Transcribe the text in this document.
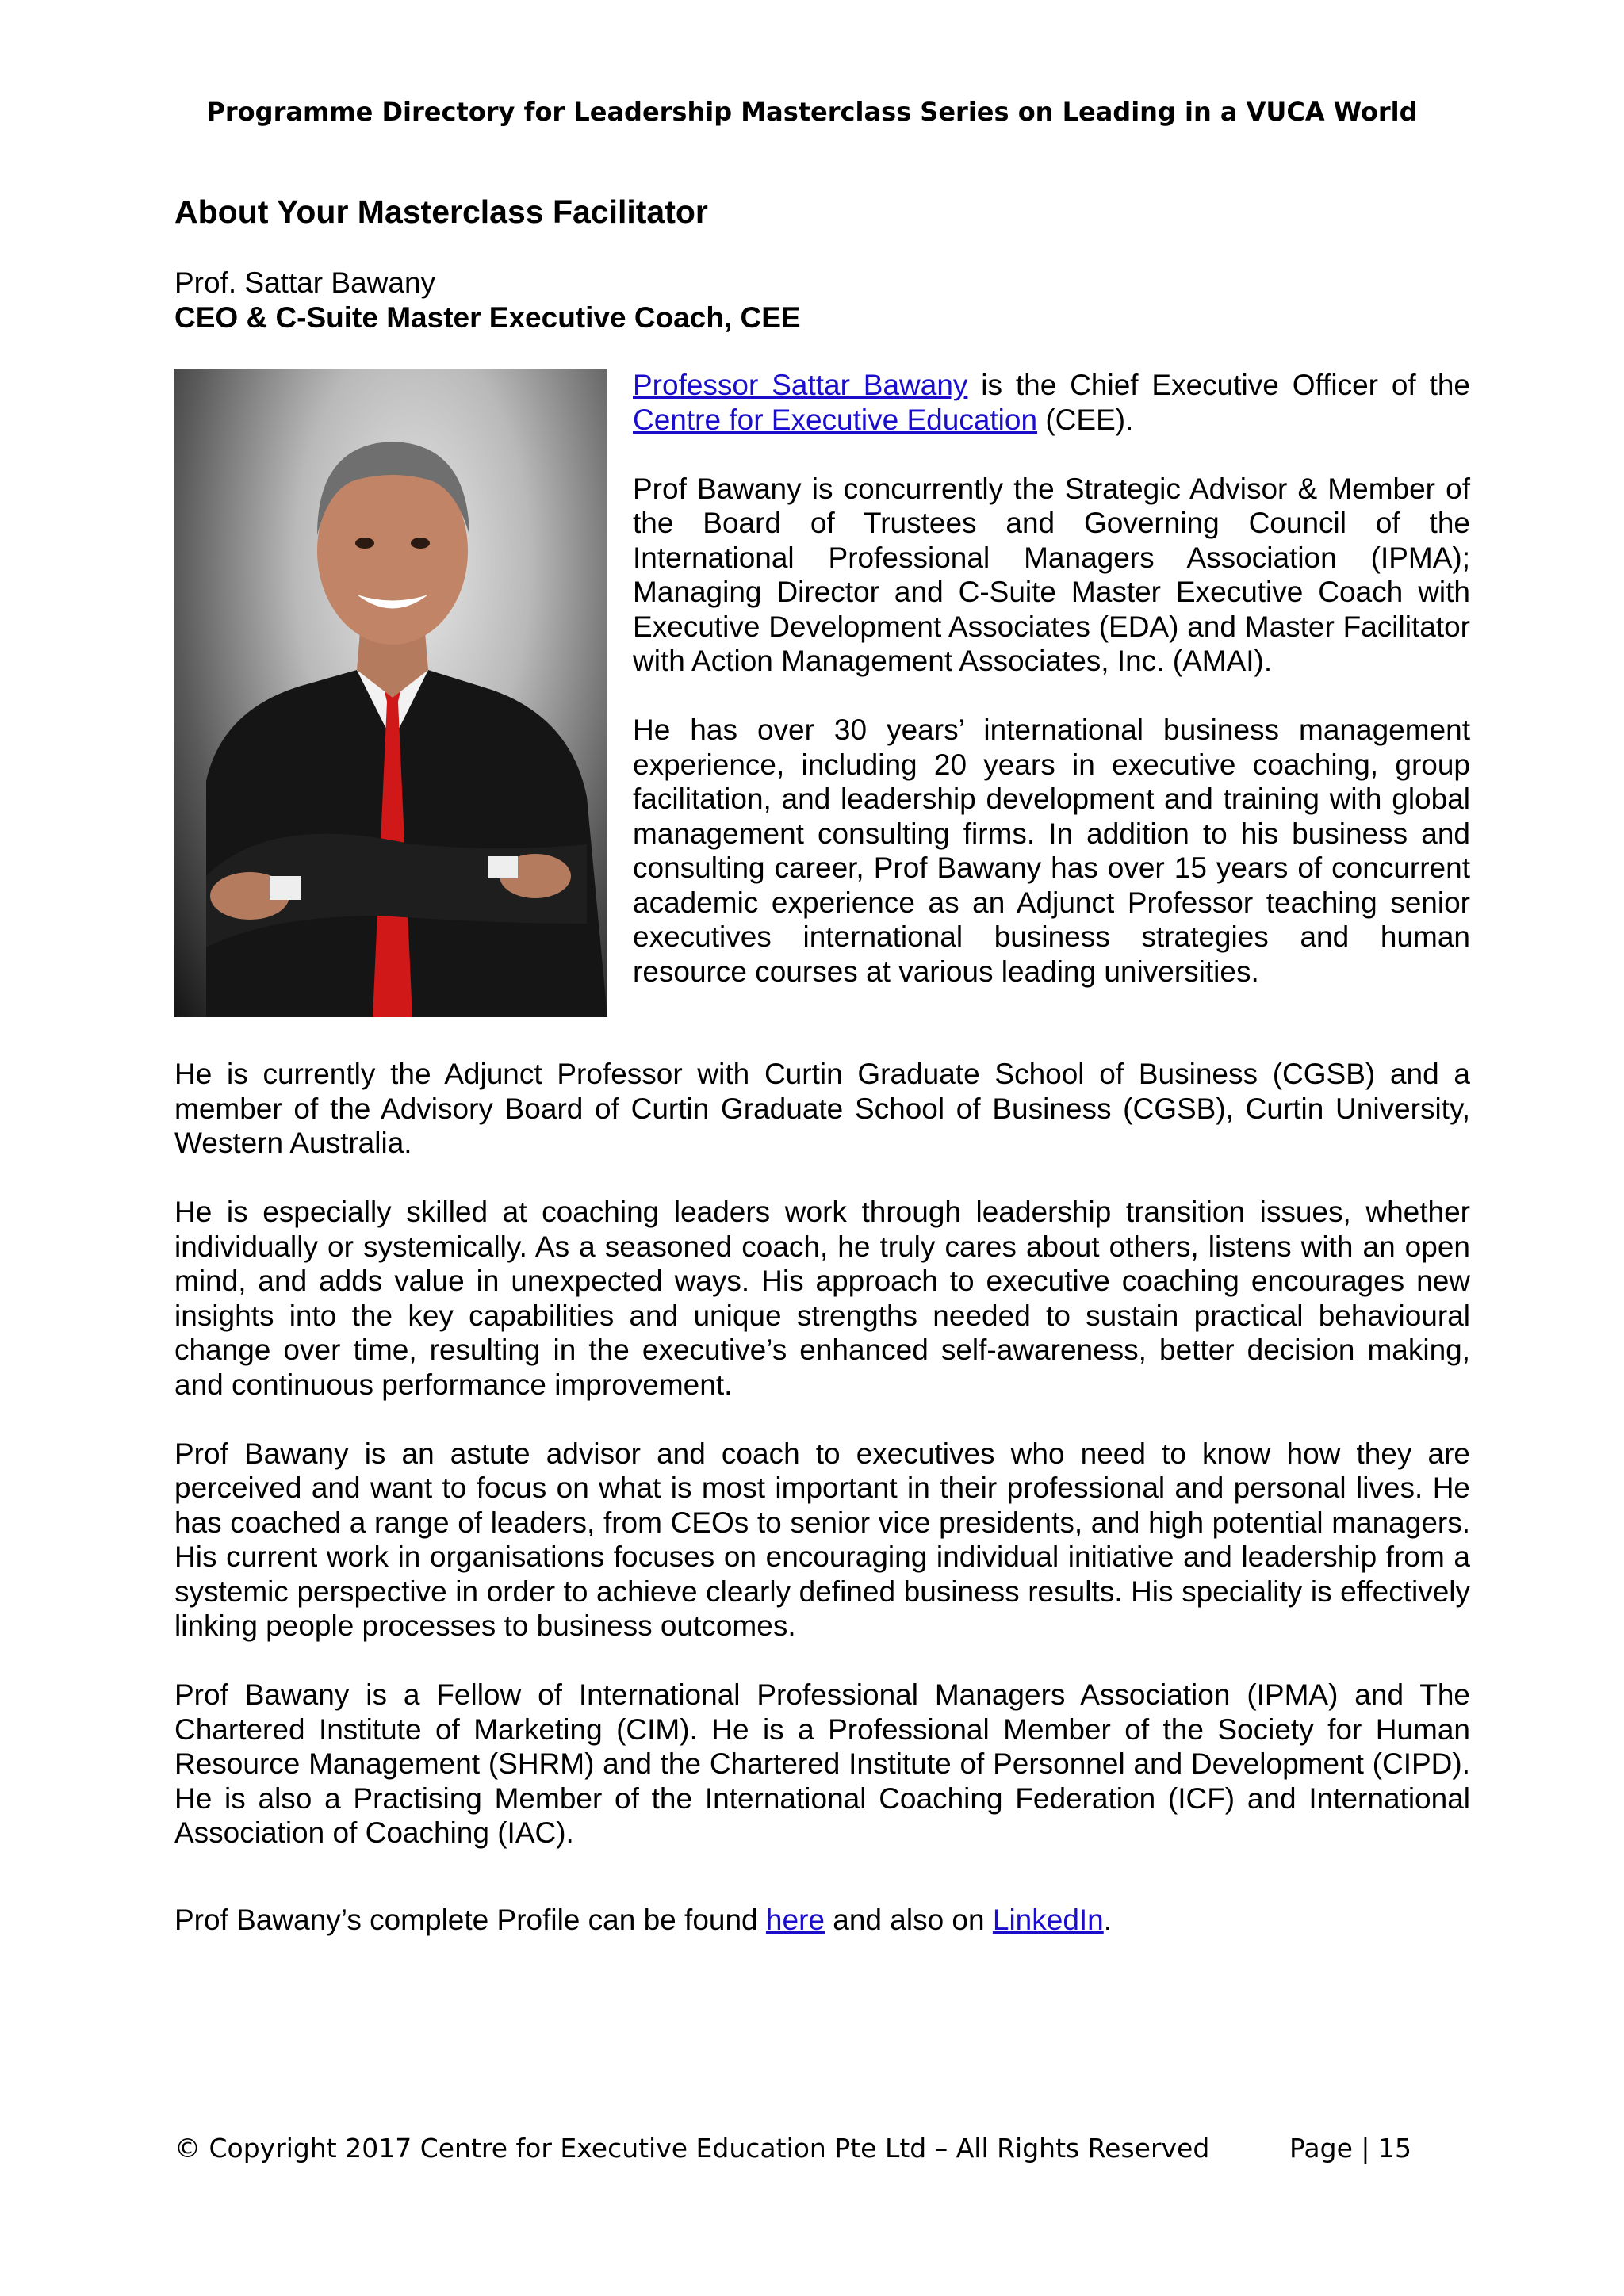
Programme Directory for Leadership Masterclass Series on Leading in a VUCA World
About Your Masterclass Facilitator
Prof. Sattar Bawany
CEO & C-Suite Master Executive Coach, CEE

Professor Sattar Bawany is the Chief Executive Officer of the Centre for Executive Education (CEE).

Prof Bawany is concurrently the Strategic Advisor & Member of the Board of Trustees and Governing Council of the International Professional Managers Association (IPMA); Managing Director and C-Suite Master Executive Coach with Executive Development Associates (EDA) and Master Facilitator with Action Management Associates, Inc. (AMAI).

He has over 30 years’ international business management experience, including 20 years in executive coaching, group facilitation, and leadership development and training with global management consulting firms. In addition to his business and consulting career, Prof Bawany has over 15 years of concurrent academic experience as an Adjunct Professor teaching senior executives international business strategies and human resource courses at various leading universities.

He is currently the Adjunct Professor with Curtin Graduate School of Business (CGSB) and a member of the Advisory Board of Curtin Graduate School of Business (CGSB), Curtin University, Western Australia.

He is especially skilled at coaching leaders work through leadership transition issues, whether individually or systemically. As a seasoned coach, he truly cares about others, listens with an open mind, and adds value in unexpected ways. His approach to executive coaching encourages new insights into the key capabilities and unique strengths needed to sustain practical behavioural change over time, resulting in the executive’s enhanced self-awareness, better decision making, and continuous performance improvement.

Prof Bawany is an astute advisor and coach to executives who need to know how they are perceived and want to focus on what is most important in their professional and personal lives. He has coached a range of leaders, from CEOs to senior vice presidents, and high potential managers. His current work in organisations focuses on encouraging individual initiative and leadership from a systemic perspective in order to achieve clearly defined business results. His speciality is effectively linking people processes to business outcomes.

Prof Bawany is a Fellow of International Professional Managers Association (IPMA) and The Chartered Institute of Marketing (CIM). He is a Professional Member of the Society for Human Resource Management (SHRM) and the Chartered Institute of Personnel and Development (CIPD). He is also a Practising Member of the International Coaching Federation (ICF) and International Association of Coaching (IAC).

Prof Bawany’s complete Profile can be found here and also on LinkedIn.

© Copyright 2017 Centre for Executive Education Pte Ltd – All Rights Reserved	Page | 15
